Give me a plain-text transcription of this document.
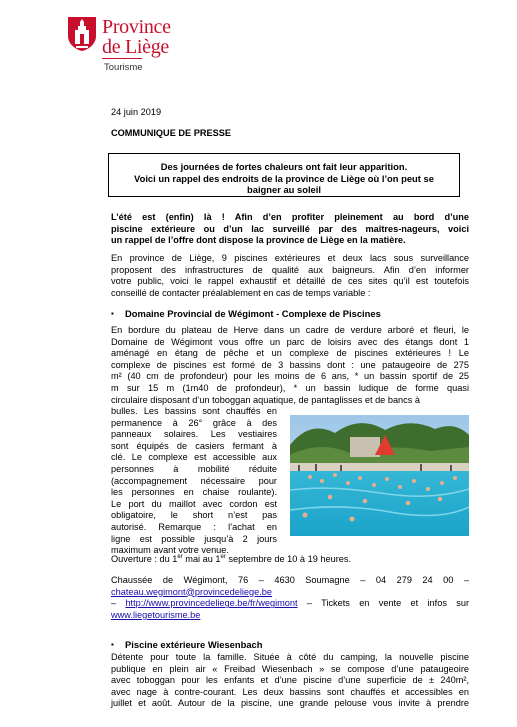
Province
de Liège
Tourisme
24 juin 2019
COMMUNIQUE DE PRESSE
Des journées de fortes chaleurs ont fait leur apparition.
Voici un rappel des endroits de la province de Liège où l’on peut se
baigner au soleil
L’été est (enfin) là ! Afin d’en profiter pleinement au bord d’une
piscine extérieure ou d’un lac surveillé par des maîtres-nageurs, voici
un rappel de l’offre dont dispose la province de Liège en la matière.
En province de Liège, 9 piscines extérieures et deux lacs sous surveillance
proposent des infrastructures de qualité aux baigneurs. Afin d’en informer
votre public, voici le rappel exhaustif et détaillé de ces sites qu’il est toutefois
conseillé de contacter préalablement en cas de temps variable :
▪ Domaine Provincial de Wégimont - Complexe de Piscines
En bordure du plateau de Herve dans un cadre de verdure arboré et fleuri, le
Domaine de Wégimont vous offre un parc de loisirs avec des étangs dont 1
aménagé en étang de pêche et un complexe de piscines extérieures ! Le
complexe de piscines est formé de 3 bassins dont : une pataugeoire de 275
m² (40 cm de profondeur) pour les moins de 6 ans, * un bassin sportif de 25
m sur 15 m (1m40 de profondeur), * un bassin ludique de forme quasi
circulaire disposant d’un toboggan aquatique, de pantaglisses et de bancs à
bulles. Les bassins sont chauffés en
permanence à 26° grâce à des
panneaux solaires. Les vestiaires
sont équipés de casiers fermant à
clé. Le complexe est accessible aux
personnes à mobilité réduite
(accompagnement nécessaire pour
les personnes en chaise roulante).
Le port du maillot avec cordon est
obligatoire, le short n’est pas
autorisé. Remarque : l’achat en
ligne est possible jusqu’à 2 jours
maximum avant votre venue.
Ouverture : du 1er mai au 1er septembre de 10 à 19 heures.
Chaussée de Wégimont, 76 – 4630 Soumagne – 04 279 24 00 –
chateau.wegimont@provincedeliege.be
– http://www.provincedeliege.be/fr/wegimont – Tickets en vente et infos sur
www.liegetourisme.be
▪ Piscine extérieure Wiesenbach
Détente pour toute la famille. Située à côté du camping, la nouvelle piscine
publique en plein air « Freibad Wiesenbach » se compose d’une pataugeoire
avec toboggan pour les enfants et d’une piscine d’une superficie de ± 240m²,
avec nage à contre-courant. Les deux bassins sont chauffés et accessibles en
juillet et août. Autour de la piscine, une grande pelouse vous invite à prendre
